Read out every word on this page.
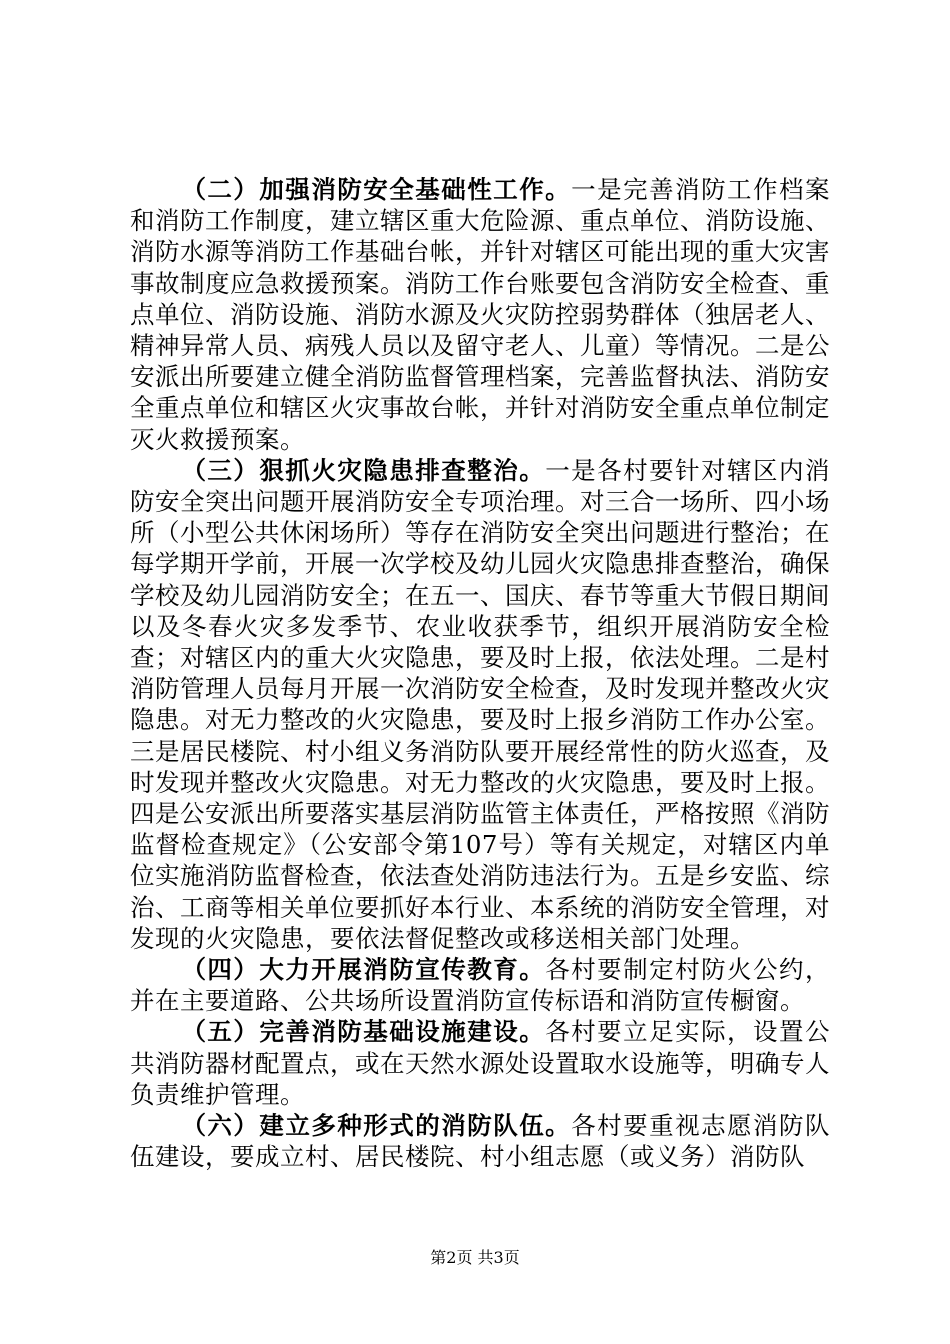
（二）加强消防安全基础性工作。一是完善消防工作档案和消防工作制度，建立辖区重大危险源、重点单位、消防设施、消防水源等消防工作基础台帐，并针对辖区可能出现的重大灾害事故制度应急救援预案。消防工作台账要包含消防安全检查、重点单位、消防设施、消防水源及火灾防控弱势群体（独居老人、精神异常人员、病残人员以及留守老人、儿童）等情况。二是公安派出所要建立健全消防监督管理档案，完善监督执法、消防安全重点单位和辖区火灾事故台帐，并针对消防安全重点单位制定灭火救援预案。

（三）狠抓火灾隐患排查整治。一是各村要针对辖区内消防安全突出问题开展消防安全专项治理。对三合一场所、四小场所（小型公共休闲场所）等存在消防安全突出问题进行整治；在每学期开学前，开展一次学校及幼儿园火灾隐患排查整治，确保学校及幼儿园消防安全；在五一、国庆、春节等重大节假日期间以及冬春火灾多发季节、农业收获季节，组织开展消防安全检查；对辖区内的重大火灾隐患，要及时上报，依法处理。二是村消防管理人员每月开展一次消防安全检查，及时发现并整改火灾隐患。对无力整改的火灾隐患，要及时上报乡消防工作办公室。三是居民楼院、村小组义务消防队要开展经常性的防火巡查，及时发现并整改火灾隐患。对无力整改的火灾隐患，要及时上报。四是公安派出所要落实基层消防监管主体责任，严格按照《消防监督检查规定》（公安部令第107号）等有关规定，对辖区内单位实施消防监督检查，依法查处消防违法行为。五是乡安监、综治、工商等相关单位要抓好本行业、本系统的消防安全管理，对发现的火灾隐患，要依法督促整改或移送相关部门处理。

（四）大力开展消防宣传教育。各村要制定村防火公约，并在主要道路、公共场所设置消防宣传标语和消防宣传橱窗。

（五）完善消防基础设施建设。各村要立足实际，设置公共消防器材配置点，或在天然水源处设置取水设施等，明确专人负责维护管理。

（六）建立多种形式的消防队伍。各村要重视志愿消防队伍建设，要成立村、居民楼院、村小组志愿（或义务）消防队

第2页 共3页
